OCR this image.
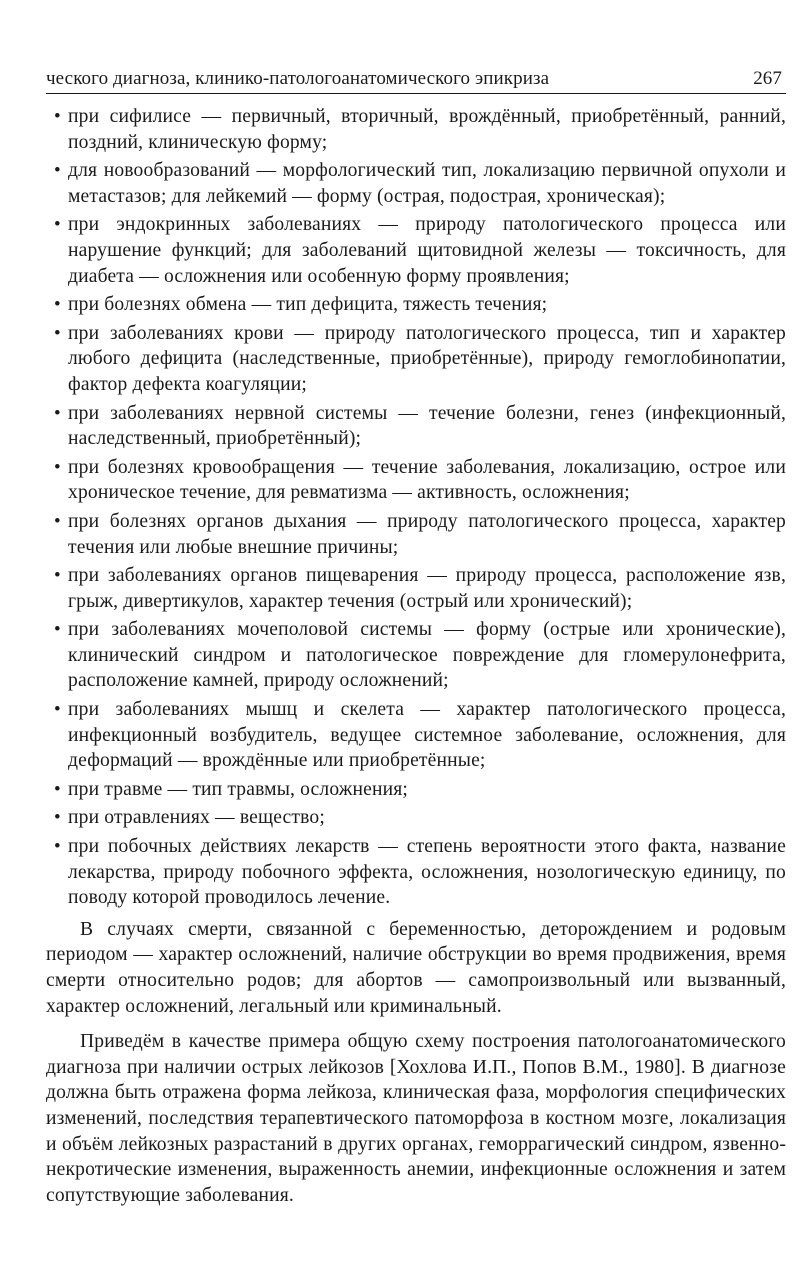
ческого диагноза, клинико-патологоанатомического эпикриза	267
• при сифилисе — первичный, вторичный, врождённый, приобретённый, ранний, поздний, клиническую форму;
• для новообразований — морфологический тип, локализацию первичной опухоли и метастазов; для лейкемий — форму (острая, подострая, хроническая);
• при эндокринных заболеваниях — природу патологического процесса или нарушение функций; для заболеваний щитовидной железы — токсичность, для диабета — осложнения или особенную форму проявления;
• при болезнях обмена — тип дефицита, тяжесть течения;
• при заболеваниях крови — природу патологического процесса, тип и характер любого дефицита (наследственные, приобретённые), природу гемоглобинопатии, фактор дефекта коагуляции;
• при заболеваниях нервной системы — течение болезни, генез (инфекционный, наследственный, приобретённый);
• при болезнях кровообращения — течение заболевания, локализацию, острое или хроническое течение, для ревматизма — активность, осложнения;
• при болезнях органов дыхания — природу патологического процесса, характер течения или любые внешние причины;
• при заболеваниях органов пищеварения — природу процесса, расположение язв, грыж, дивертикулов, характер течения (острый или хронический);
• при заболеваниях мочеполовой системы — форму (острые или хронические), клинический синдром и патологическое повреждение для гломерулонефрита, расположение камней, природу осложнений;
• при заболеваниях мышц и скелета — характер патологического процесса, инфекционный возбудитель, ведущее системное заболевание, осложнения, для деформаций — врождённые или приобретённые;
• при травме — тип травмы, осложнения;
• при отравлениях — вещество;
• при побочных действиях лекарств — степень вероятности этого факта, название лекарства, природу побочного эффекта, осложнения, нозологическую единицу, по поводу которой проводилось лечение.

В случаях смерти, связанной с беременностью, деторождением и родовым периодом — характер осложнений, наличие обструкции во время продвижения, время смерти относительно родов; для абортов — самопроизвольный или вызванный, характер осложнений, легальный или криминальный.

Приведём в качестве примера общую схему построения патологоанатомического диагноза при наличии острых лейкозов [Хохлова И.П., Попов В.М., 1980]. В диагнозе должна быть отражена форма лейкоза, клиническая фаза, морфология специфических изменений, последствия терапевтического патоморфоза в костном мозге, локализация и объём лейкозных разрастаний в других органах, геморрагический синдром, язвенно-некротические изменения, выраженность анемии, инфекционные осложнения и затем сопутствующие заболевания.
